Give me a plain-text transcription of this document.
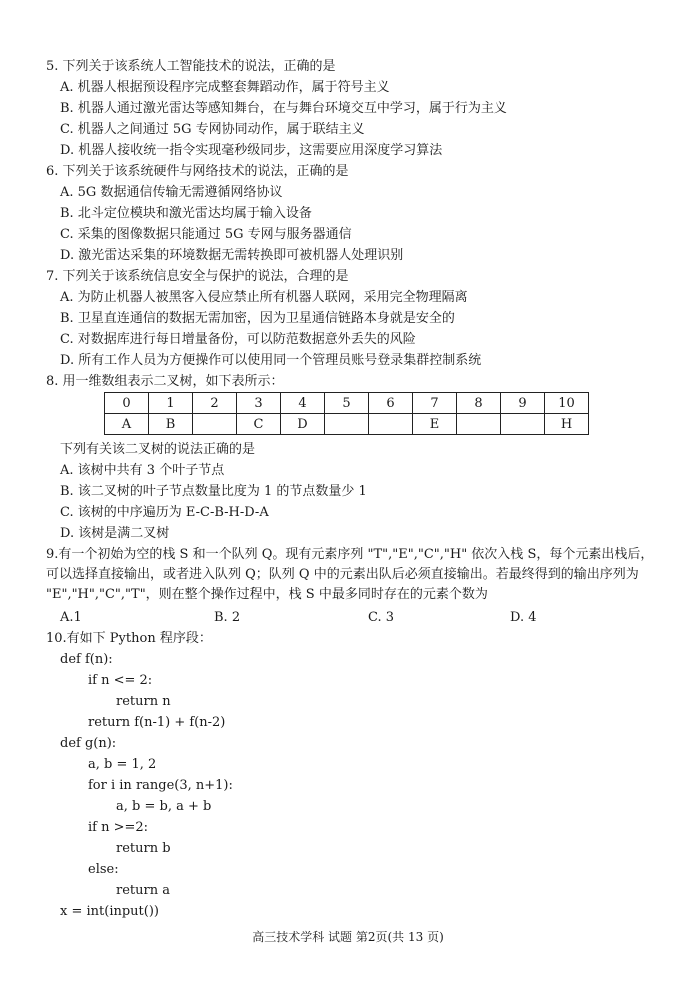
5. 下列关于该系统人工智能技术的说法，正确的是
A. 机器人根据预设程序完成整套舞蹈动作，属于符号主义
B. 机器人通过激光雷达等感知舞台，在与舞台环境交互中学习，属于行为主义
C. 机器人之间通过 5G 专网协同动作，属于联结主义
D. 机器人接收统一指令实现毫秒级同步，这需要应用深度学习算法
6. 下列关于该系统硬件与网络技术的说法，正确的是
A. 5G 数据通信传输无需遵循网络协议
B. 北斗定位模块和激光雷达均属于输入设备
C. 采集的图像数据只能通过 5G 专网与服务器通信
D. 激光雷达采集的环境数据无需转换即可被机器人处理识别
7. 下列关于该系统信息安全与保护的说法，合理的是
A. 为防止机器人被黑客入侵应禁止所有机器人联网，采用完全物理隔离
B. 卫星直连通信的数据无需加密，因为卫星通信链路本身就是安全的
C. 对数据库进行每日增量备份，可以防范数据意外丢失的风险
D. 所有工作人员为方便操作可以使用同一个管理员账号登录集群控制系统
8. 用一维数组表示二叉树，如下表所示：
0	1	2	3	4	5	6	7	8	9	10
A	B		C	D			E			H
下列有关该二叉树的说法正确的是
A. 该树中共有 3 个叶子节点
B. 该二叉树的叶子节点数量比度为 1 的节点数量少 1
C. 该树的中序遍历为 E-C-B-H-D-A
D. 该树是满二叉树
9.有一个初始为空的栈 S 和一个队列 Q。现有元素序列 "T","E","C","H" 依次入栈 S，每个元素出栈后，可以选择直接输出，或者进入队列 Q；队列 Q 中的元素出队后必须直接输出。若最终得到的输出序列为 "E","H","C","T"，则在整个操作过程中，栈 S 中最多同时存在的元素个数为
A.1	B. 2	C. 3	D. 4
10.有如下 Python 程序段：
def f(n):
if n <= 2:
return n
return f(n-1) + f(n-2)
def g(n):
a, b = 1, 2
for i in range(3, n+1):
a, b = b, a + b
if n >=2:
return b
else:
return a
x = int(input())
高三技术学科 试题 第2页(共 13 页)
